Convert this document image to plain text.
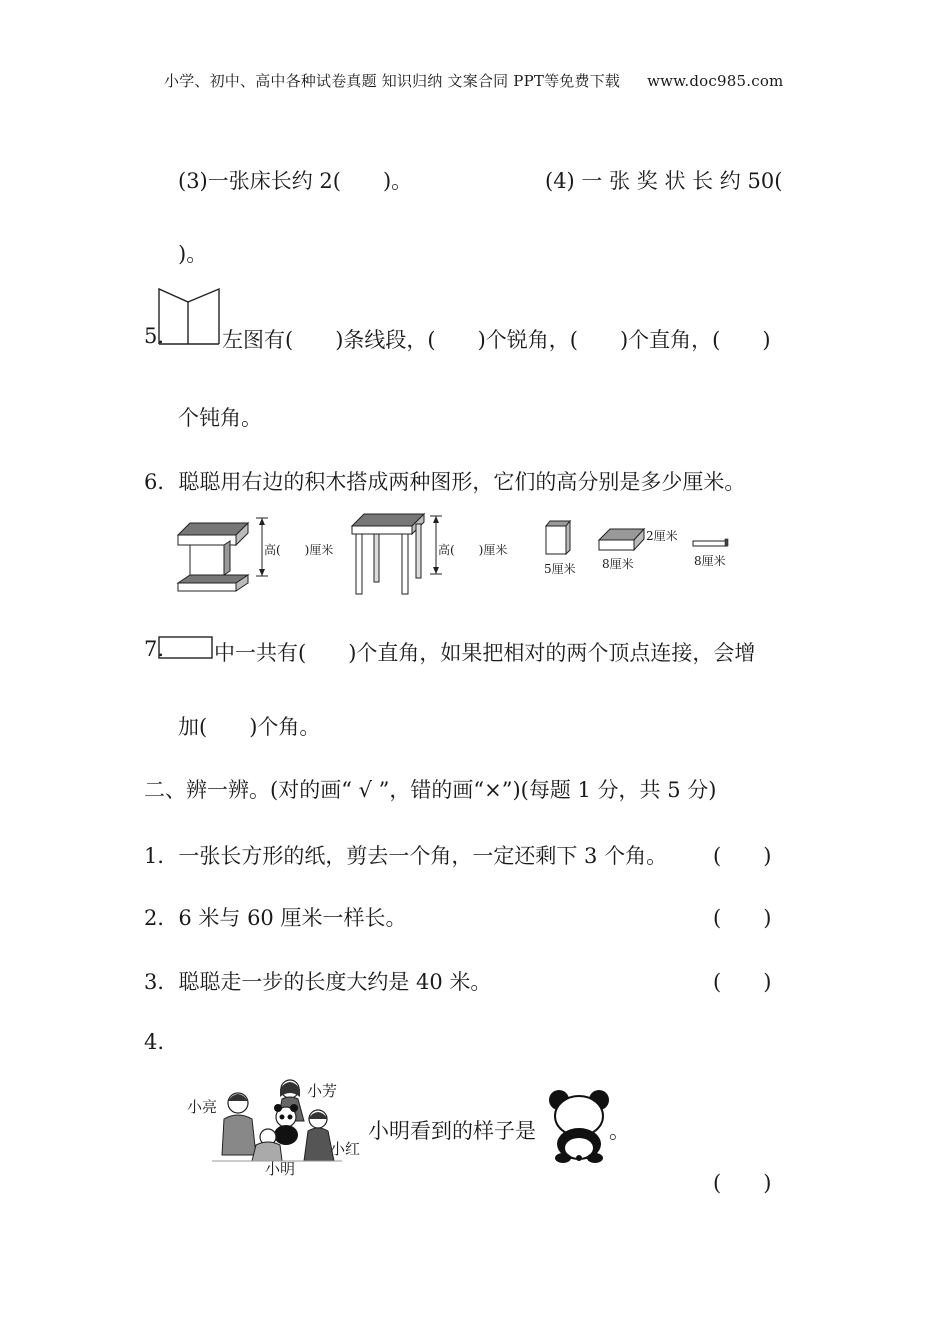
小学、初中、高中各种试卷真题 知识归纳 文案合同 PPT等免费下载 www.doc985.com
(3)一张床长约 2(　　)。	(4) 一 张 奖 状 长 约 50(
)。
5.	左图有(　　)条线段，(　　)个锐角，(　　)个直角，(　　)
个钝角。
6．聪聪用右边的积木搭成两种图形，它们的高分别是多少厘米。
高(　　)厘米	高(　　)厘米
5厘米
2厘米
8厘米	8厘米
7. 中一共有(　　)个直角，如果把相对的两个顶点连接，会增
加(　　)个角。
二、辨一辨。(对的画“ √ ”，错的画“×”)(每题 1 分，共 5 分)
1．一张长方形的纸，剪去一个角，一定还剩下 3 个角。 (　　)
2．6 米与 60 厘米一样长。	(　　)
3．聪聪走一步的长度大约是 40 米。	(　　)
4.
小亮
小芳
小红
小明
小明看到的样子是	。
(　　)
